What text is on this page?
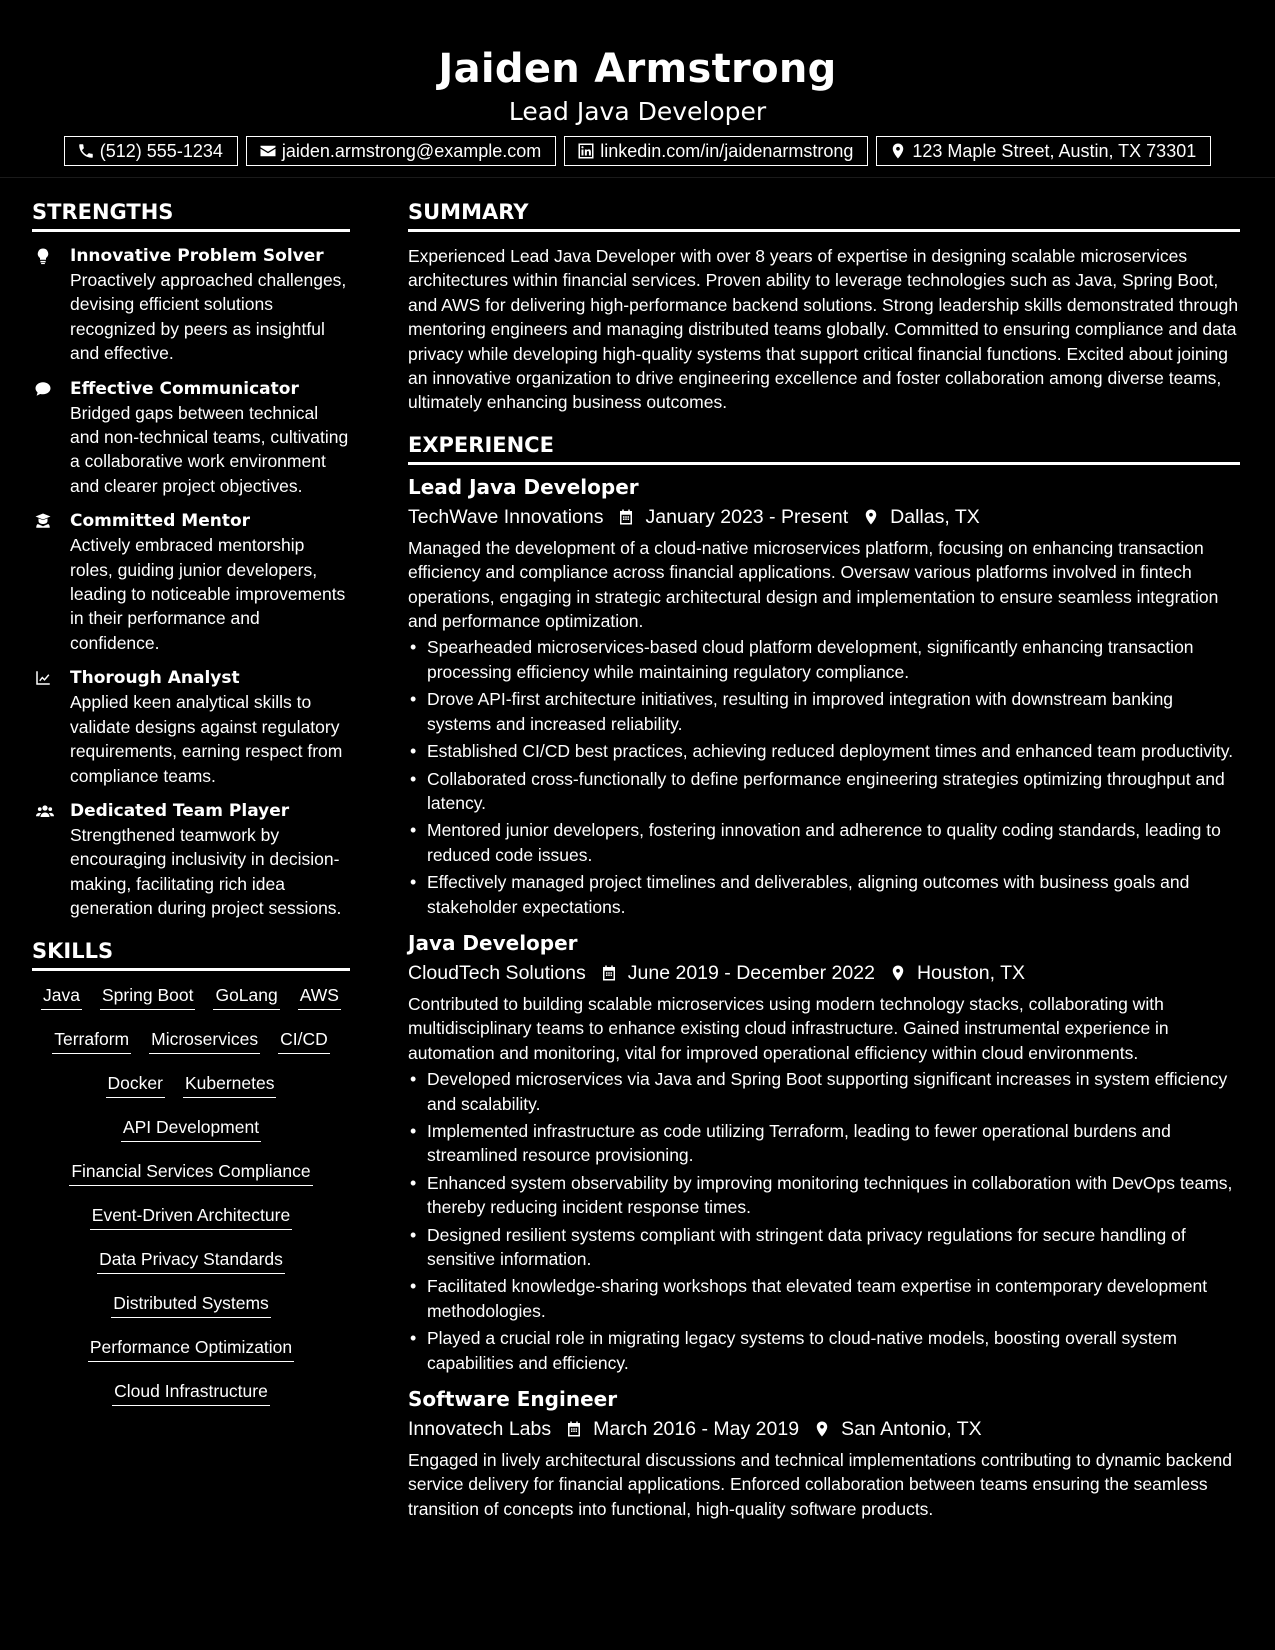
Jaiden Armstrong
Lead Java Developer
(512) 555-1234	jaiden.armstrong@example.com	linkedin.com/in/jaidenarmstrong	123 Maple Street, Austin, TX 73301
STRENGTHS
Innovative Problem Solver
Proactively approached challenges, devising efficient solutions recognized by peers as insightful and effective.
Effective Communicator
Bridged gaps between technical and non-technical teams, cultivating a collaborative work environment and clearer project objectives.
Committed Mentor
Actively embraced mentorship roles, guiding junior developers, leading to noticeable improvements in their performance and confidence.
Thorough Analyst
Applied keen analytical skills to validate designs against regulatory requirements, earning respect from compliance teams.
Dedicated Team Player
Strengthened teamwork by encouraging inclusivity in decision-making, facilitating rich idea generation during project sessions.
SKILLS
Java Spring Boot GoLang AWS
Terraform Microservices CI/CD
Docker Kubernetes
API Development
Financial Services Compliance
Event-Driven Architecture
Data Privacy Standards
Distributed Systems
Performance Optimization
Cloud Infrastructure
SUMMARY
Experienced Lead Java Developer with over 8 years of expertise in designing scalable microservices architectures within financial services. Proven ability to leverage technologies such as Java, Spring Boot, and AWS for delivering high-performance backend solutions. Strong leadership skills demonstrated through mentoring engineers and managing distributed teams globally. Committed to ensuring compliance and data privacy while developing high-quality systems that support critical financial functions. Excited about joining an innovative organization to drive engineering excellence and foster collaboration among diverse teams, ultimately enhancing business outcomes.
EXPERIENCE
Lead Java Developer
TechWave Innovations January 2023 - Present Dallas, TX
Managed the development of a cloud-native microservices platform, focusing on enhancing transaction efficiency and compliance across financial applications. Oversaw various platforms involved in fintech operations, engaging in strategic architectural design and implementation to ensure seamless integration and performance optimization.
• Spearheaded microservices-based cloud platform development, significantly enhancing transaction processing efficiency while maintaining regulatory compliance.
• Drove API-first architecture initiatives, resulting in improved integration with downstream banking systems and increased reliability.
• Established CI/CD best practices, achieving reduced deployment times and enhanced team productivity.
• Collaborated cross-functionally to define performance engineering strategies optimizing throughput and latency.
• Mentored junior developers, fostering innovation and adherence to quality coding standards, leading to reduced code issues.
• Effectively managed project timelines and deliverables, aligning outcomes with business goals and stakeholder expectations.
Java Developer
CloudTech Solutions June 2019 - December 2022 Houston, TX
Contributed to building scalable microservices using modern technology stacks, collaborating with multidisciplinary teams to enhance existing cloud infrastructure. Gained instrumental experience in automation and monitoring, vital for improved operational efficiency within cloud environments.
• Developed microservices via Java and Spring Boot supporting significant increases in system efficiency and scalability.
• Implemented infrastructure as code utilizing Terraform, leading to fewer operational burdens and streamlined resource provisioning.
• Enhanced system observability by improving monitoring techniques in collaboration with DevOps teams, thereby reducing incident response times.
• Designed resilient systems compliant with stringent data privacy regulations for secure handling of sensitive information.
• Facilitated knowledge-sharing workshops that elevated team expertise in contemporary development methodologies.
• Played a crucial role in migrating legacy systems to cloud-native models, boosting overall system capabilities and efficiency.
Software Engineer
Innovatech Labs March 2016 - May 2019 San Antonio, TX
Engaged in lively architectural discussions and technical implementations contributing to dynamic backend service delivery for financial applications. Enforced collaboration between teams ensuring the seamless transition of concepts into functional, high-quality software products.
